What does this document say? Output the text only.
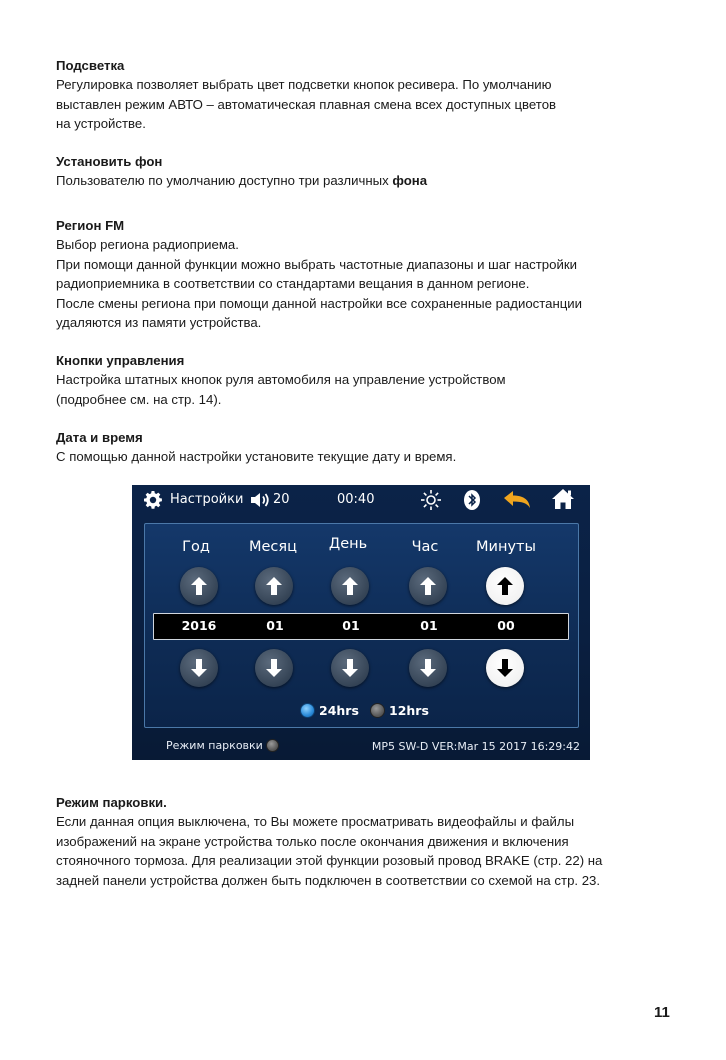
Подсветка

Регулировка позволяет выбрать цвет подсветки кнопок ресивера. По умолчанию
выставлен режим АВТО – автоматическая плавная смена всех доступных цветов
на устройстве.

Установить фон

Пользователю по умолчанию доступно три различных фона

Регион FM

Выбор региона радиоприема.
При помощи данной функции можно выбрать частотные диапазоны и шаг настройки
радиоприемника в соответствии со стандартами вещания в данном регионе.
После смены региона при помощи данной настройки все сохраненные радиостанции
удаляются из памяти устройства.

Кнопки управления

Настройка штатных кнопок руля автомобиля на управление устройством
(подробнее см. на стр. 14).

Дата и время

С помощью данной настройки установите текущие дату и время.

Настройки 20	00:40
Год	Месяц	День	Час	Минуты
2016	01	01	01	00
24hrs 12hrs
Режим парковки	MP5 SW-D VER:Mar 15 2017 16:29:42
Режим парковки.

Если данная опция выключена, то Вы можете просматривать видеофайлы и файлы
изображений на экране устройства только после окончания движения и включения
стояночного тормоза. Для реализации этой функции розовый провод BRAKE (стр. 22) на
задней панели устройства должен быть подключен в соответствии со схемой на стр. 23.

11
